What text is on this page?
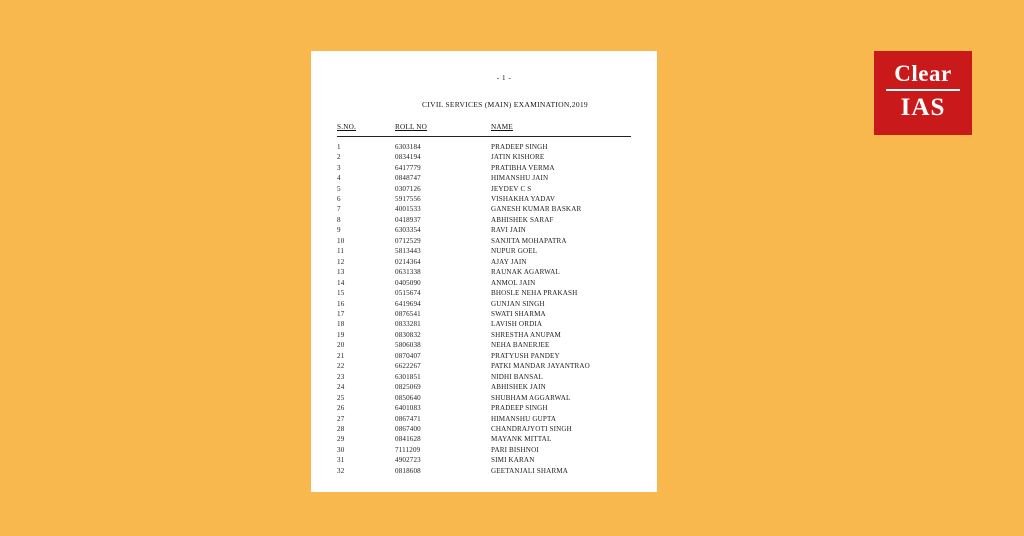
- 1 -
CIVIL SERVICES (MAIN) EXAMINATION,2019
S.NO.	ROLL NO	NAME

1	6303184	PRADEEP SINGH
2	0834194	JATIN KISHORE
3	6417779	PRATIBHA VERMA
4	0848747	HIMANSHU JAIN
5	0307126	JEYDEV C S
6	5917556	VISHAKHA YADAV
7	4001533	GANESH KUMAR BASKAR
8	0418937	ABHISHEK SARAF
9	6303354	RAVI JAIN
10	0712529	SANJITA MOHAPATRA
11	5813443	NUPUR GOEL
12	0214364	AJAY JAIN
13	0631338	RAUNAK AGARWAL
14	0405090	ANMOL JAIN
15	0515674	BHOSLE NEHA PRAKASH
16	6419694	GUNJAN SINGH
17	0876541	SWATI SHARMA
18	0833281	LAVISH ORDIA
19	0830832	SHRESTHA ANUPAM
20	5806038	NEHA BANERJEE
21	0870407	PRATYUSH PANDEY
22	6622267	PATKI MANDAR JAYANTRAO
23	6301851	NIDHI BANSAL
24	0825069	ABHISHEK JAIN
25	0850640	SHUBHAM AGGARWAL
26	6401083	PRADEEP SINGH
27	0867471	HIMANSHU GUPTA
28	0867400	CHANDRAJYOTI SINGH
29	0841628	MAYANK MITTAL
30	7111209	PARI BISHNOI
31	4902723	SIMI KARAN
32	0818608	GEETANJALI SHARMA
Clear
IAS
